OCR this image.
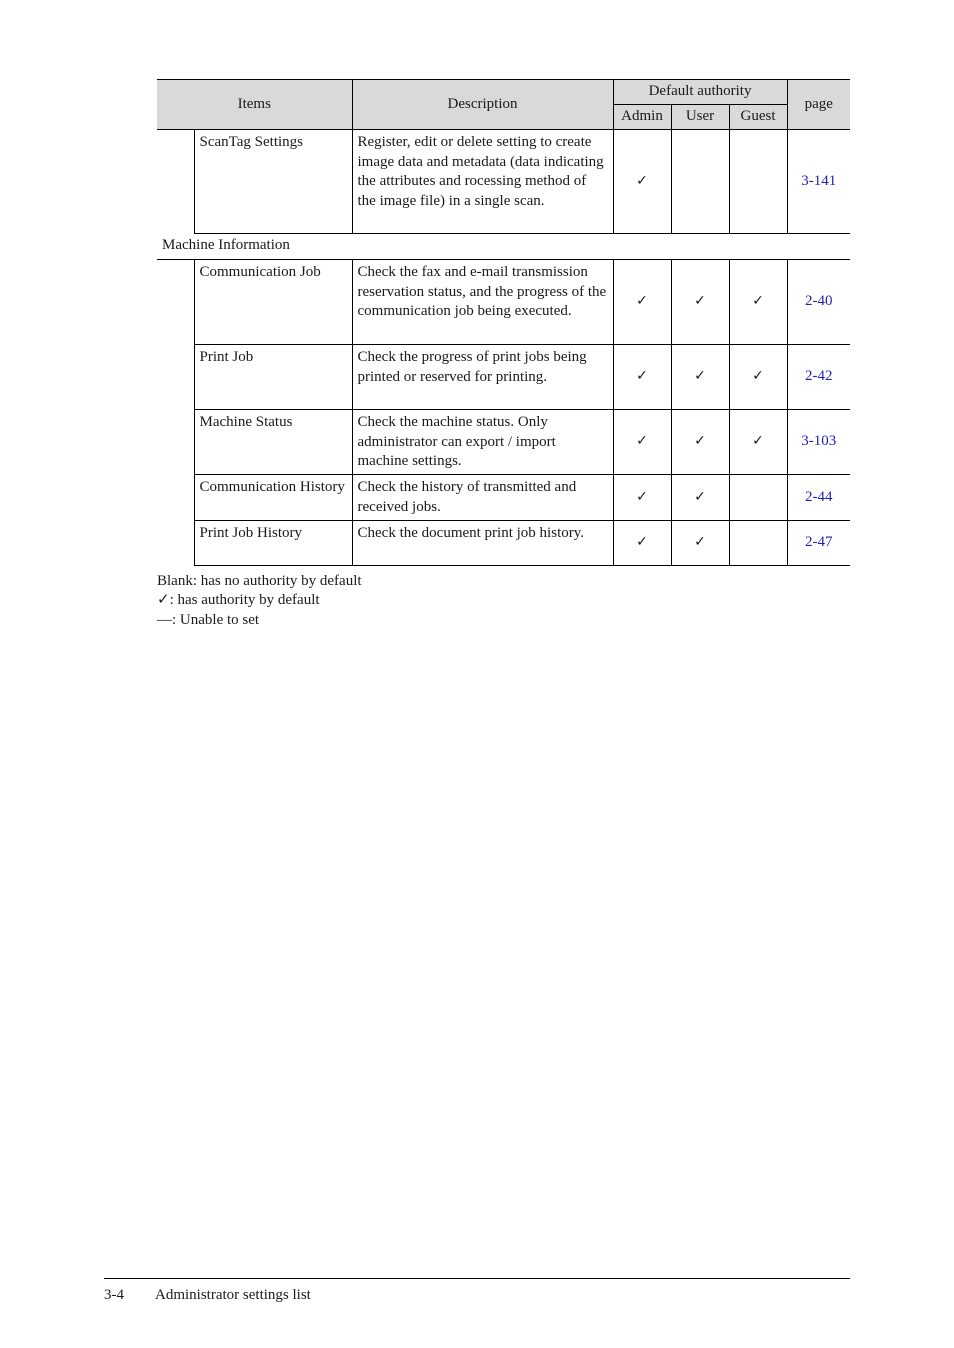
Items		Description	Default authority			page
			Admin	User	Guest	
	ScanTag Settings	Register, edit or delete setting to create image data and metadata (data indicating the attributes and rocessing method of the image file) in a single scan.	✓			3-141
Machine Information						
	Communication Job	Check the fax and e-mail transmission reservation status, and the progress of the communication job being executed.	✓	✓	✓	2-40
	Print Job	Check the progress of print jobs being printed or reserved for printing.	✓	✓	✓	2-42
	Machine Status	Check the machine status. Only administrator can export / import machine settings.	✓	✓	✓	3-103
	Communication History	Check the history of transmitted and received jobs.	✓	✓		2-44
	Print Job History	Check the document print job history.	✓	✓		2-47
Blank: has no authority by default
✓: has authority by default
—: Unable to set
3-4 Administrator settings list
